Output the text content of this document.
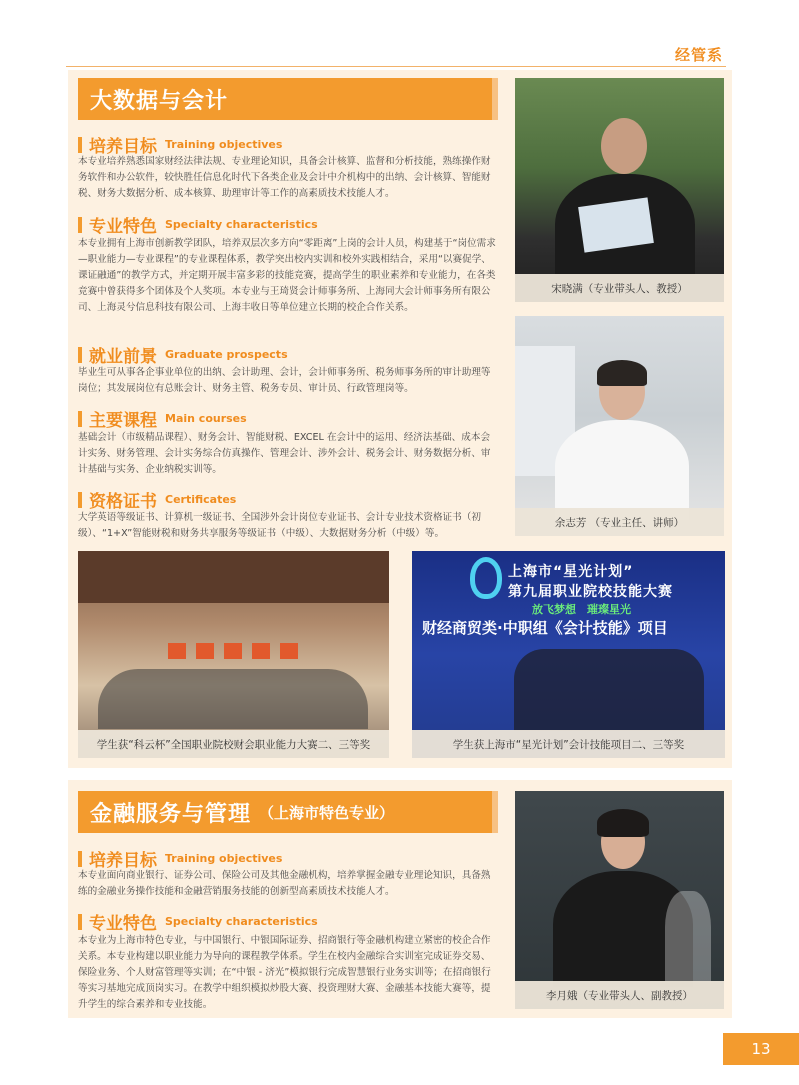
经管系
大数据与会计
培养目标 Training objectives
本专业培养熟悉国家财经法律法规、专业理论知识，具备会计核算、监督和分析技能，熟练操作财务软件和办公软件，较快胜任信息化时代下各类企业及会计中介机构中的出纳、会计核算、智能财税、财务大数据分析、成本核算、助理审计等工作的高素质技术技能人才。
专业特色 Specialty characteristics
本专业拥有上海市创新教学团队，培养双层次多方向“零距离”上岗的会计人员，构建基于“岗位需求—职业能力—专业课程”的专业课程体系，教学突出校内实训和校外实践相结合，采用“以赛促学、课证融通”的教学方式，并定期开展丰富多彩的技能竞赛，提高学生的职业素养和专业能力，在各类竞赛中曾获得多个团体及个人奖项。本专业与王琦贤会计师事务所、上海同大会计师事务所有限公司、上海灵兮信息科技有限公司、上海丰收日等单位建立长期的校企合作关系。
就业前景 Graduate prospects
毕业生可从事各企事业单位的出纳、会计助理、会计，会计师事务所、税务师事务所的审计助理等岗位；其发展岗位有总账会计、财务主管、税务专员、审计员、行政管理岗等。
主要课程 Main courses
基础会计（市级精品课程）、财务会计、智能财税、EXCEL 在会计中的运用、经济法基础、成本会计实务、财务管理、会计实务综合仿真操作、管理会计、涉外会计、税务会计、财务数据分析、审计基础与实务、企业纳税实训等。
资格证书 Certificates
大学英语等级证书、计算机一级证书、全国涉外会计岗位专业证书、会计专业技术资格证书（初级）、“1+X”智能财税和财务共享服务等级证书（中级）、大数据财务分析（中级）等。
宋晓满（专业带头人、教授）
余志芳 （专业主任、讲师）
学生获“科云杯”全国职业院校财会职业能力大赛二、三等奖
上海市“星光计划”
第九届职业院校技能大赛
放飞梦想　璀璨星光
财经商贸类·中职组《会计技能》项目
学生获上海市“星光计划”会计技能项目二、三等奖
金融服务与管理 （上海市特色专业）
培养目标 Training objectives
本专业面向商业银行、证券公司、保险公司及其他金融机构，培养掌握金融专业理论知识，具备熟练的金融业务操作技能和金融营销服务技能的创新型高素质技术技能人才。
专业特色 Specialty characteristics
本专业为上海市特色专业，与中国银行、中银国际证券、招商银行等金融机构建立紧密的校企合作关系。本专业构建以职业能力为导向的课程教学体系。学生在校内金融综合实训室完成证券交易、保险业务、个人财富管理等实训；在“中银 - 济光”模拟银行完成智慧银行业务实训等；在招商银行等实习基地完成顶岗实习。在教学中组织模拟炒股大赛、投资理财大赛、金融基本技能大赛等，提升学生的综合素养和专业技能。
李月娥（专业带头人、副教授）
13
